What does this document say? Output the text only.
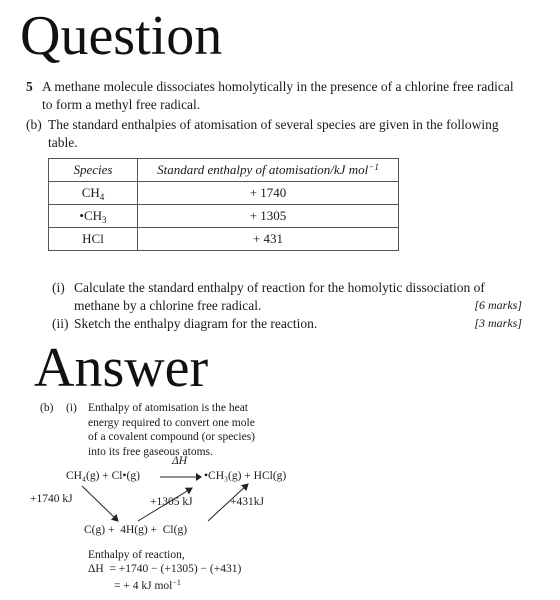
Question
5 A methane molecule dissociates homolytically in the presence of a chlorine free radical
to form a methyl free radical.
(b) The standard enthalpies of atomisation of several species are given in the following
table.
Species	Standard enthalpy of atomisation/kJ mol$^{-1}$
$CH_4$	+ 1740
$•CH_3$	+ 1305
HCl	+ 431
(i) Calculate the standard enthalpy of reaction for the homolytic dissociation of
methane by a chlorine free radical.	[6 marks]
(ii) Sketch the enthalpy diagram for the reaction.	[3 marks]
Answer
(b) (i) Enthalpy of atomisation is the heat
energy required to convert one mole
of a covalent compound (or species)
into its free gaseous atoms.
ΔH
CH₄(g) + Cl•(g) → •CH₃(g) + HCl(g)
+1740 kJ	+1305 kJ	+431kJ
C(g) +  4H(g) +  Cl(g)
Enthalpy of reaction,
ΔH  = +1740 − (+1305) − (+431)
= + 4 kJ mol$^{-1}$
